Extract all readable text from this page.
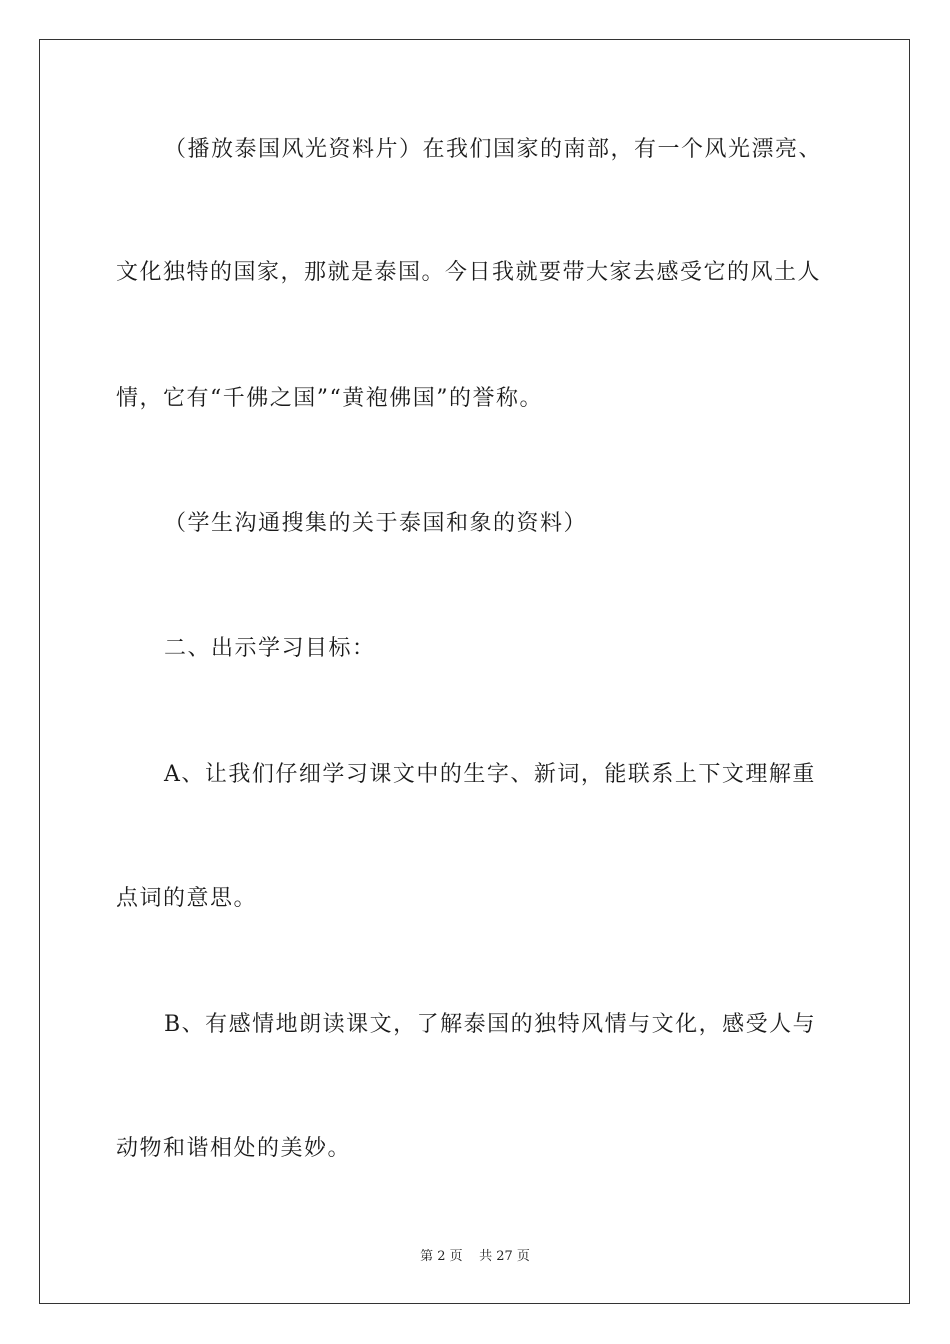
（播放泰国风光资料片）在我们国家的南部，有一个风光漂亮、
文化独特的国家，那就是泰国。今日我就要带大家去感受它的风土人
情，它有“千佛之国”“黄袍佛国”的誉称。
（学生沟通搜集的关于泰国和象的资料）
二、出示学习目标：
A、让我们仔细学习课文中的生字、新词，能联系上下文理解重
点词的意思。
B、有感情地朗读课文，了解泰国的独特风情与文化，感受人与
动物和谐相处的美妙。
第 2 页    共 27 页
